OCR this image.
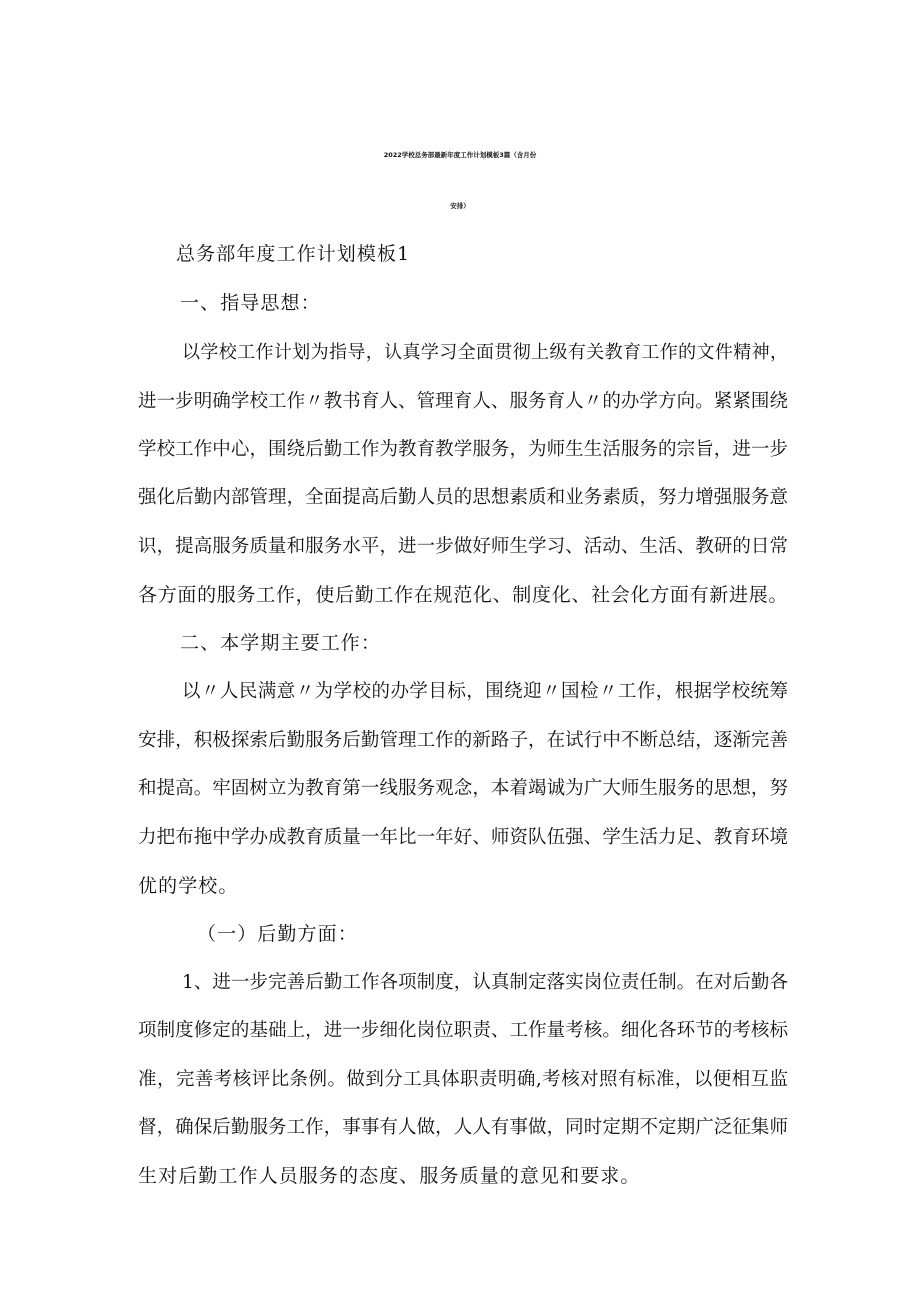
2022学校总务部最新年度工作计划模板3篇（含月份
安排）
总务部年度工作计划模板1
一、指导思想：
以学校工作计划为指导，认真学习全面贯彻上级有关教育工作的文件精神，
进一步明确学校工作〃教书育人、管理育人、服务育人〃的办学方向。紧紧围绕
学校工作中心，围绕后勤工作为教育教学服务，为师生生活服务的宗旨，进一步
强化后勤内部管理，全面提高后勤人员的思想素质和业务素质，努力增强服务意
识，提高服务质量和服务水平，进一步做好师生学习、活动、生活、教研的日常
各方面的服务工作，使后勤工作在规范化、制度化、社会化方面有新进展。
二、本学期主要工作：
以〃人民满意〃为学校的办学目标，围绕迎〃国检〃工作，根据学校统筹
安排，积极探索后勤服务后勤管理工作的新路子，在试行中不断总结，逐渐完善
和提高。牢固树立为教育第一线服务观念，本着竭诚为广大师生服务的思想，努
力把布拖中学办成教育质量一年比一年好、师资队伍强、学生活力足、教育环境
优的学校。
（一）后勤方面：
1、进一步完善后勤工作各项制度，认真制定落实岗位责任制。在对后勤各
项制度修定的基础上，进一步细化岗位职责、工作量考核。细化各环节的考核标
准，完善考核评比条例。做到分工具体职责明确,考核对照有标准，以便相互监
督，确保后勤服务工作，事事有人做，人人有事做，同时定期不定期广泛征集师
生对后勤工作人员服务的态度、服务质量的意见和要求。
